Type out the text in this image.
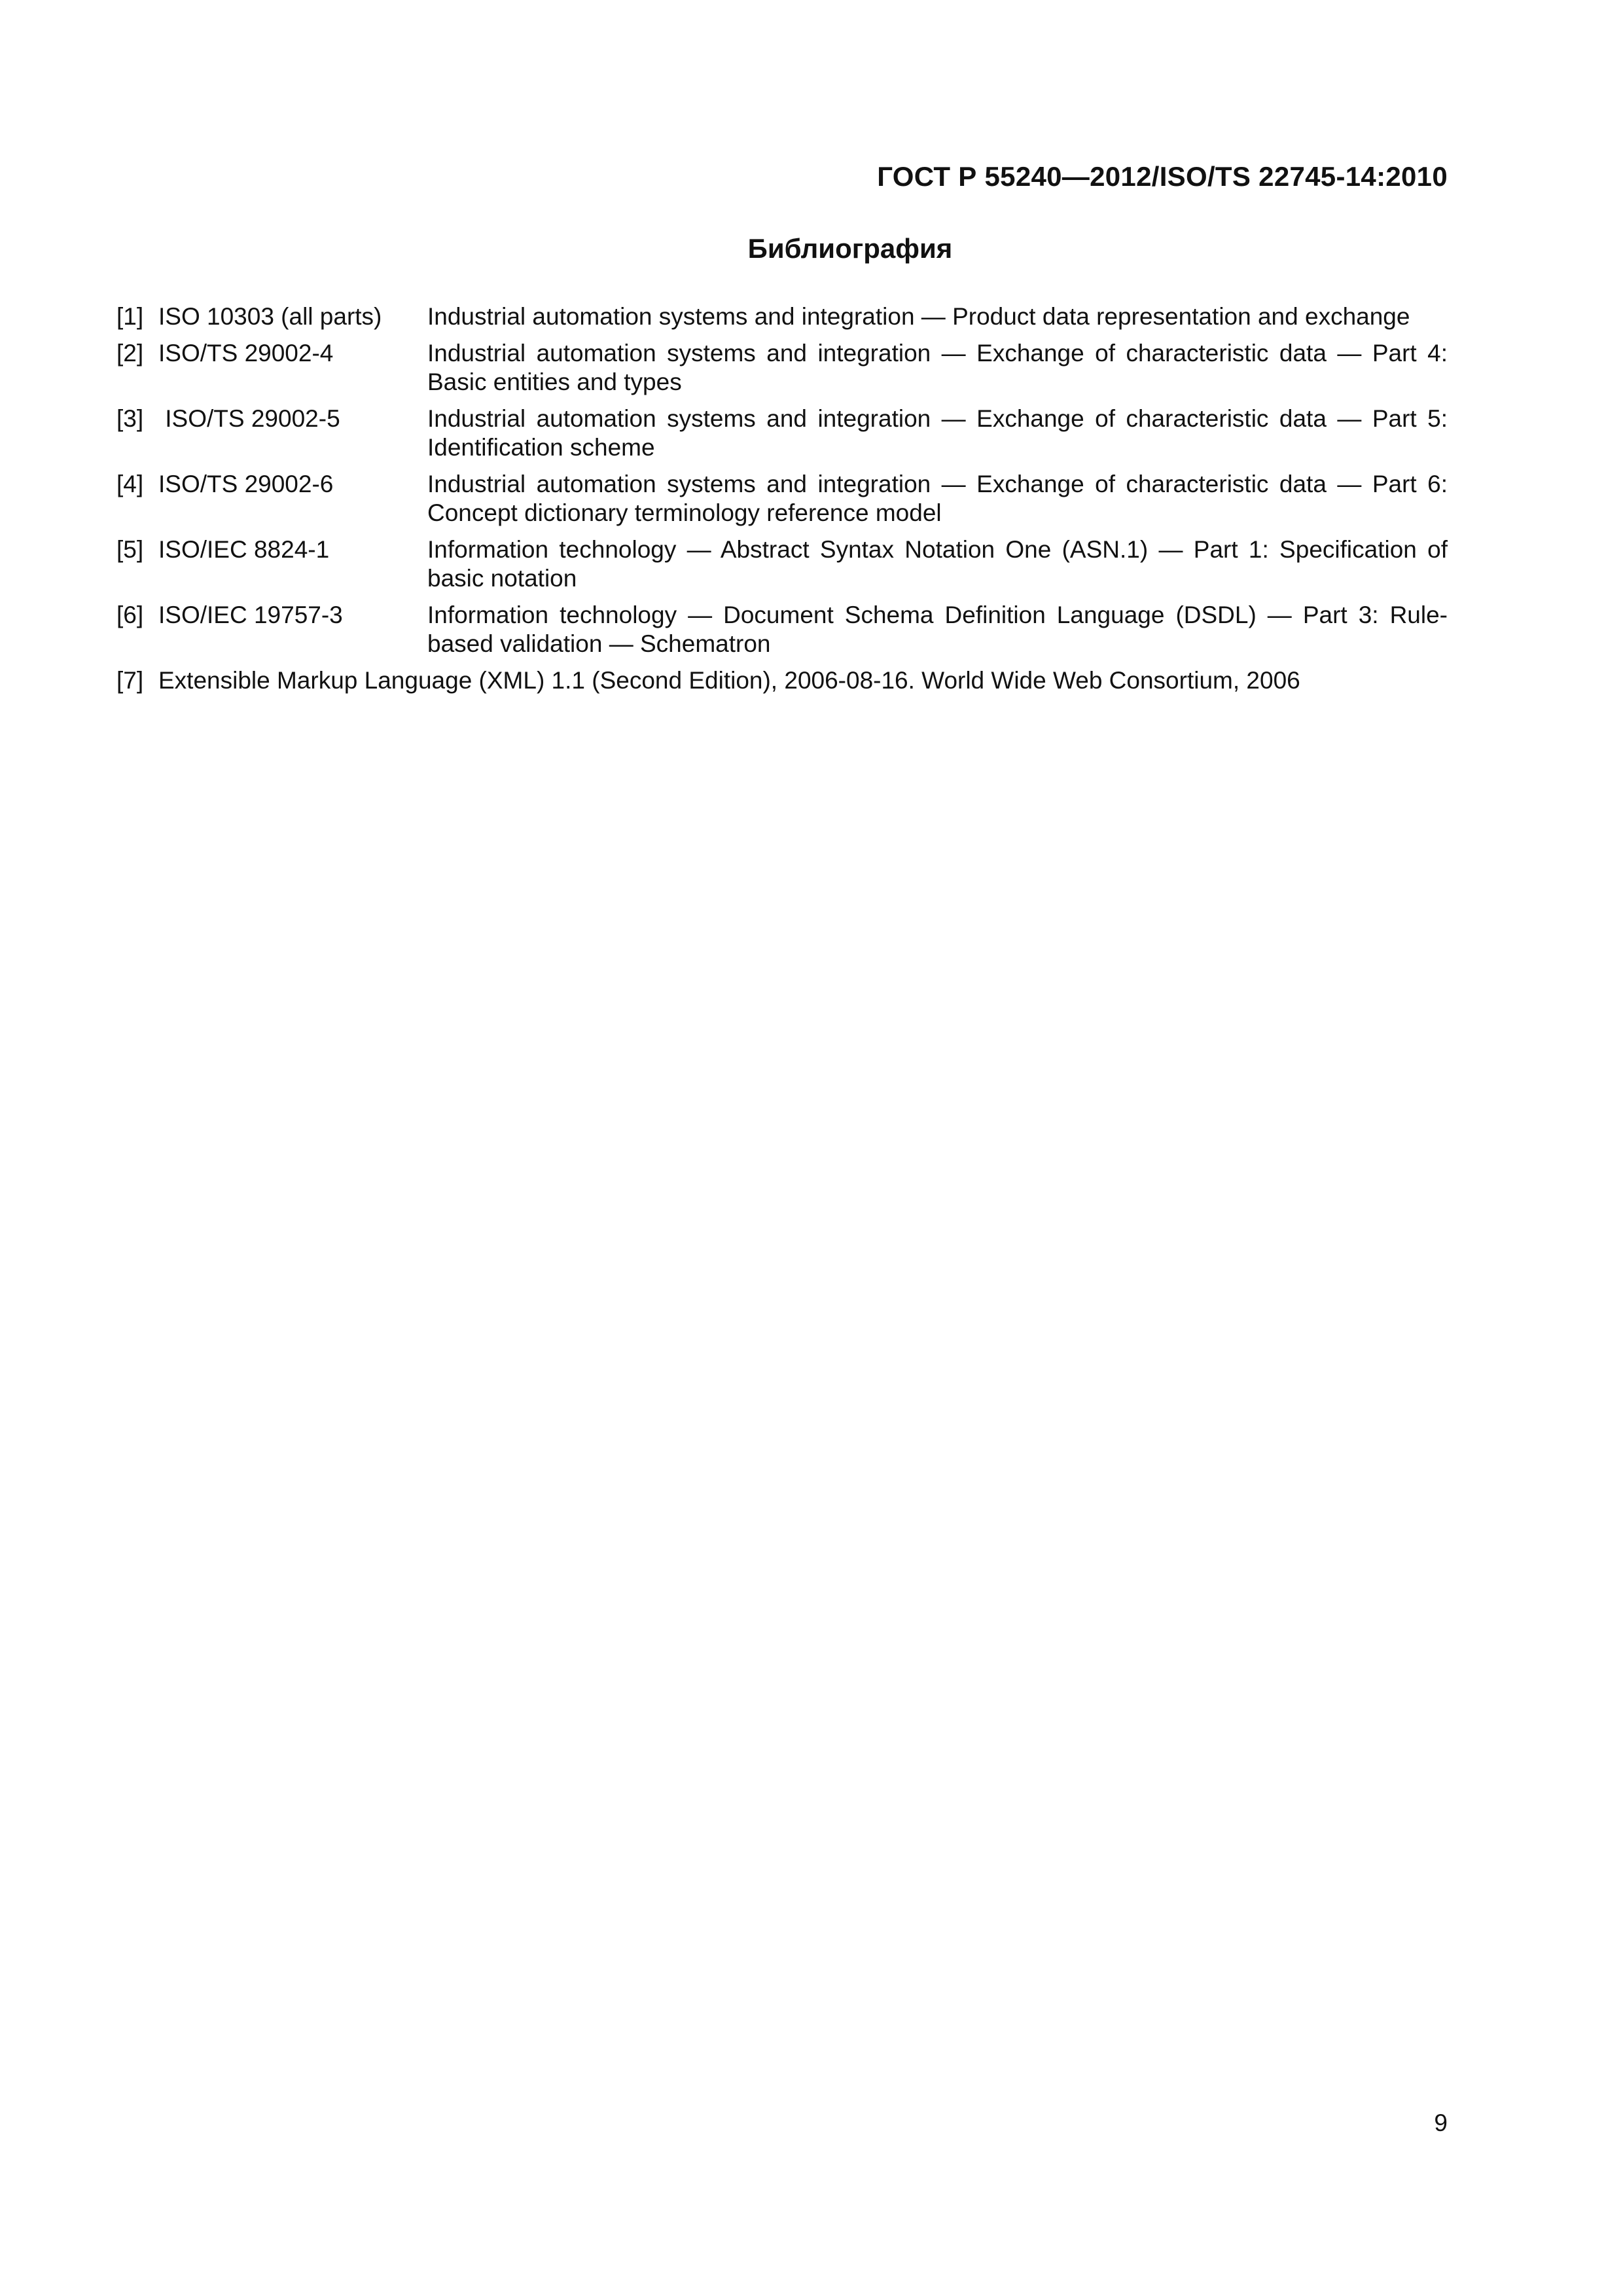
ГОСТ Р 55240—2012/ISO/TS 22745-14:2010
Библиография
[1] ISO 10303 (all parts)	Industrial automation systems and integration — Product data representation and exchange
[2] ISO/TS 29002-4	Industrial automation systems and integration — Exchange of characteristic data — Part 4: Basic entities and types
[3] ISO/TS 29002-5	Industrial automation systems and integration — Exchange of characteristic data — Part 5: Identification scheme
[4] ISO/TS 29002-6	Industrial automation systems and integration — Exchange of characteristic data — Part 6: Concept dictionary terminology reference model
[5] ISO/IEC 8824-1	Information technology — Abstract Syntax Notation One (ASN.1) — Part 1: Specification of basic notation
[6] ISO/IEC 19757-3	Information technology — Document Schema Definition Language (DSDL) — Part 3: Rule-based validation — Schematron
[7] Extensible Markup Language (XML) 1.1 (Second Edition), 2006-08-16. World Wide Web Consortium, 2006
9
